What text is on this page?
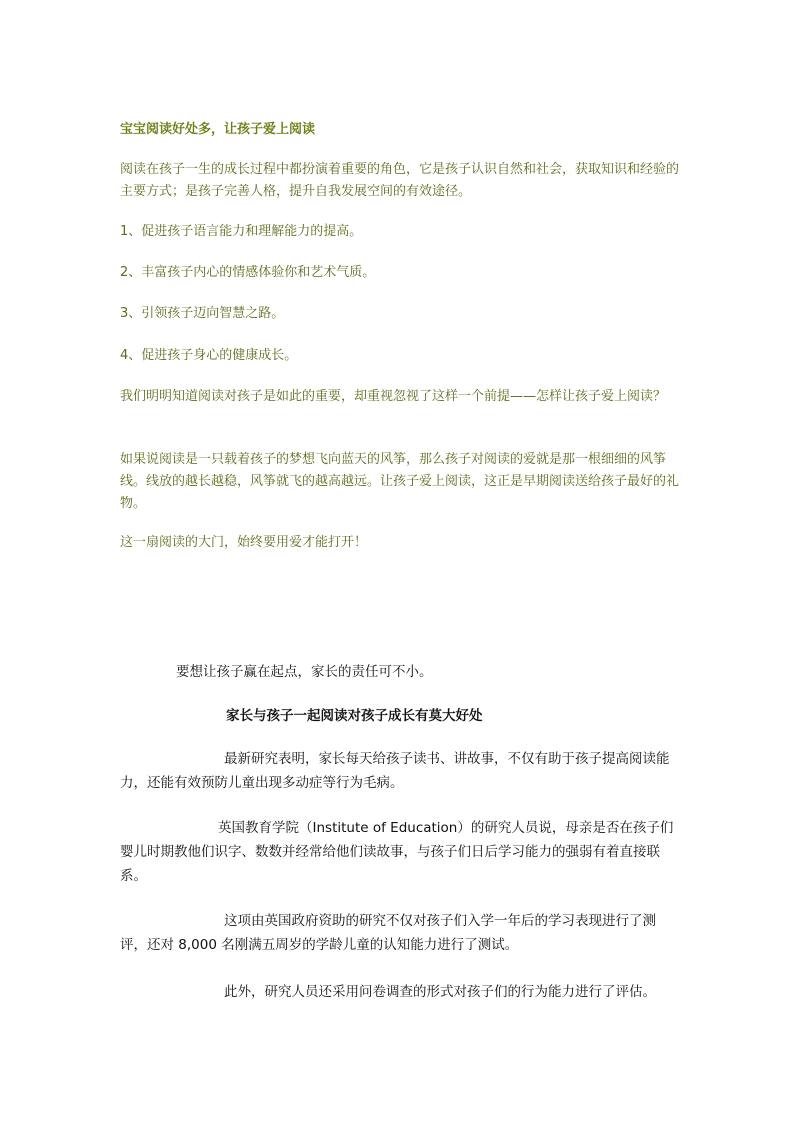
宝宝阅读好处多，让孩子爱上阅读
阅读在孩子一生的成长过程中都扮演着重要的角色，它是孩子认识自然和社会，获取知识和经验的主要方式；是孩子完善人格，提升自我发展空间的有效途径。
1、促进孩子语言能力和理解能力的提高。
2、丰富孩子内心的情感体验你和艺术气质。
3、引领孩子迈向智慧之路。
4、促进孩子身心的健康成长。
我们明明知道阅读对孩子是如此的重要，却重视忽视了这样一个前提——怎样让孩子爱上阅读？
如果说阅读是一只载着孩子的梦想飞向蓝天的风筝，那么孩子对阅读的爱就是那一根细细的风筝线。线放的越长越稳，风筝就飞的越高越远。让孩子爱上阅读，这正是早期阅读送给孩子最好的礼物。
这一扇阅读的大门，始终要用爱才能打开！
要想让孩子赢在起点，家长的责任可不小。
家长与孩子一起阅读对孩子成长有莫大好处
最新研究表明，家长每天给孩子读书、讲故事，不仅有助于孩子提高阅读能力，还能有效预防儿童出现多动症等行为毛病。
英国教育学院（Institute of Education）的研究人员说，母亲是否在孩子们婴儿时期教他们识字、数数并经常给他们读故事，与孩子们日后学习能力的强弱有着直接联系。
这项由英国政府资助的研究不仅对孩子们入学一年后的学习表现进行了测评，还对 8,000 名刚满五周岁的学龄儿童的认知能力进行了测试。
此外，研究人员还采用问卷调查的形式对孩子们的行为能力进行了评估。
